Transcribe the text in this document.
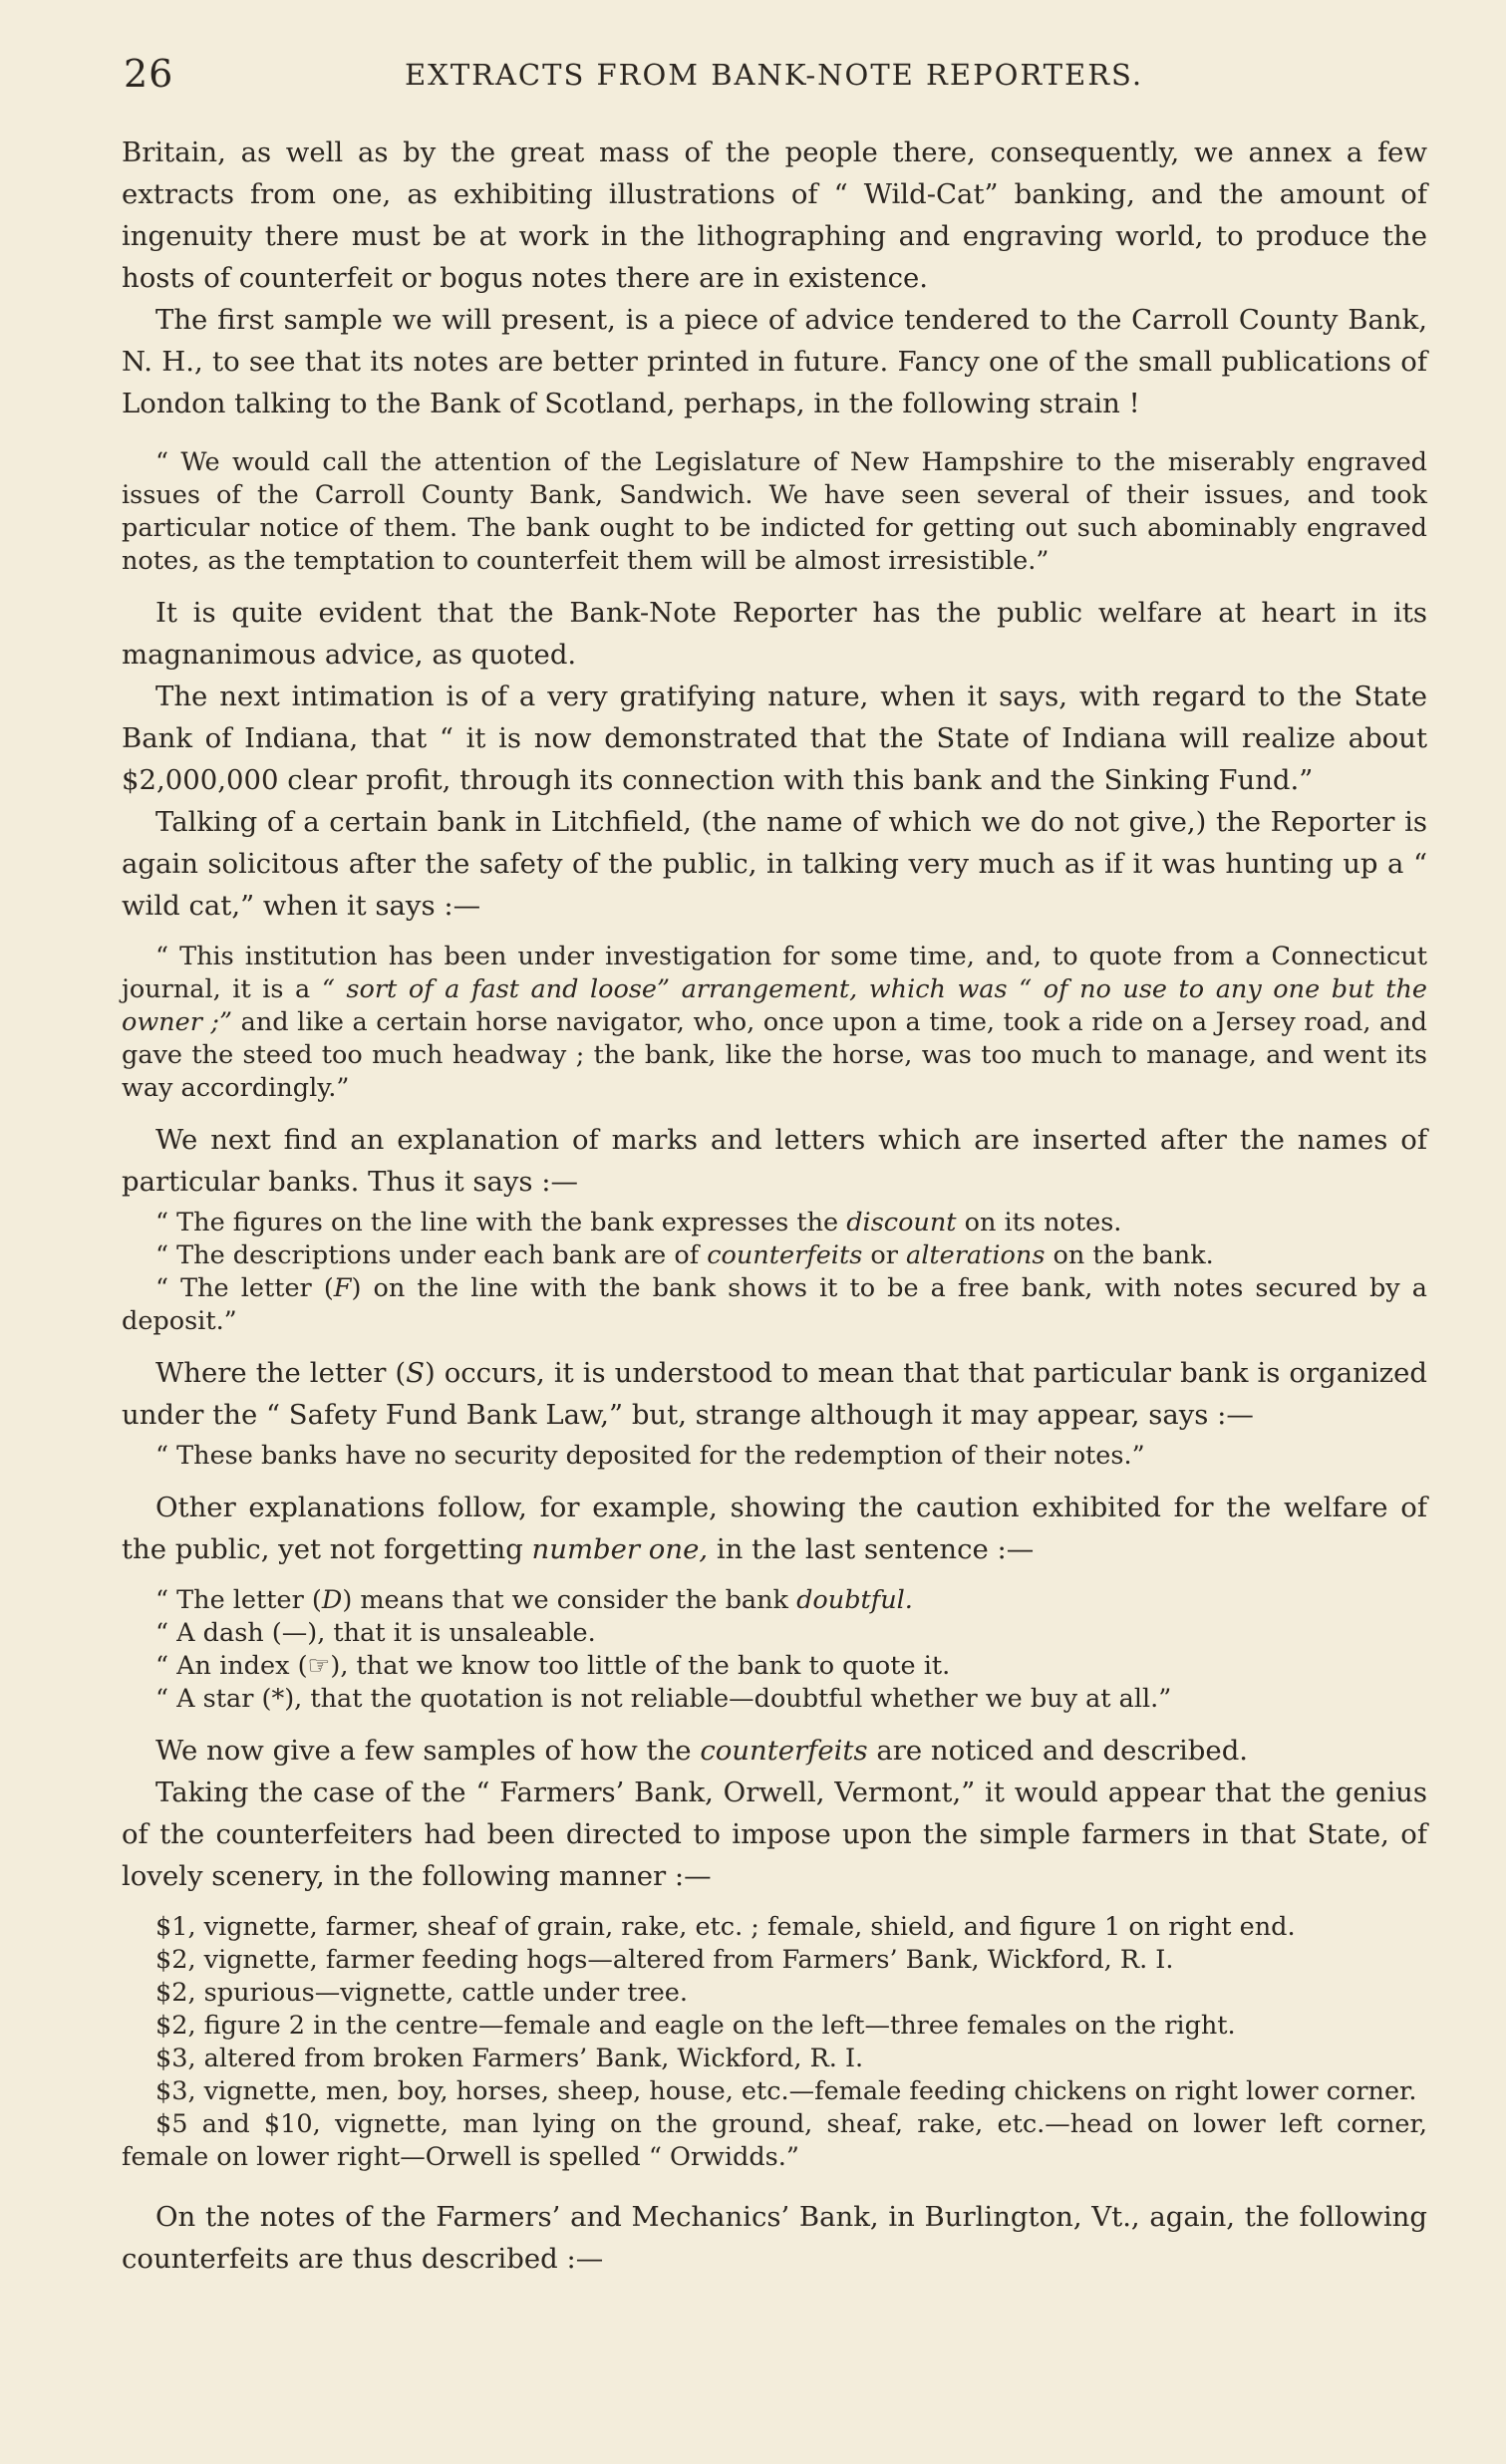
26	EXTRACTS FROM BANK-NOTE REPORTERS.

Britain, as well as by the great mass of the people there, consequently, we annex a few extracts from one, as exhibiting illustrations of “ Wild-Cat” banking, and the amount of ingenuity there must be at work in the lithographing and engraving world, to produce the hosts of counterfeit or bogus notes there are in existence.

The first sample we will present, is a piece of advice tendered to the Carroll County Bank, N. H., to see that its notes are better printed in future. Fancy one of the small publications of London talking to the Bank of Scotland, perhaps, in the following strain !

“ We would call the attention of the Legislature of New Hampshire to the miserably engraved issues of the Carroll County Bank, Sandwich. We have seen several of their issues, and took particular notice of them. The bank ought to be indicted for getting out such abominably engraved notes, as the temptation to counterfeit them will be almost irresistible.”

It is quite evident that the Bank-Note Reporter has the public welfare at heart in its magnanimous advice, as quoted.

The next intimation is of a very gratifying nature, when it says, with regard to the State Bank of Indiana, that “ it is now demonstrated that the State of Indiana will realize about $2,000,000 clear profit, through its connection with this bank and the Sinking Fund.”

Talking of a certain bank in Litchfield, (the name of which we do not give,) the Reporter is again solicitous after the safety of the public, in talking very much as if it was hunting up a “ wild cat,” when it says :—

“ This institution has been under investigation for some time, and, to quote from a Connecticut journal, it is a “ sort of a fast and loose” arrangement, which was “ of no use to any one but the owner ;” and like a certain horse navigator, who, once upon a time, took a ride on a Jersey road, and gave the steed too much headway ; the bank, like the horse, was too much to manage, and went its way accordingly.”

We next find an explanation of marks and letters which are inserted after the names of particular banks. Thus it says :—

“ The figures on the line with the bank expresses the discount on its notes.

“ The descriptions under each bank are of counterfeits or alterations on the bank.

“ The letter (F) on the line with the bank shows it to be a free bank, with notes secured by a deposit.”

Where the letter (S) occurs, it is understood to mean that that particular bank is organized under the “ Safety Fund Bank Law,” but, strange although it may appear, says :—

“ These banks have no security deposited for the redemption of their notes.”

Other explanations follow, for example, showing the caution exhibited for the welfare of the public, yet not forgetting number one, in the last sentence :—

“ The letter (D) means that we consider the bank doubtful.

“ A dash (—), that it is unsaleable.

“ An index (☞), that we know too little of the bank to quote it.

“ A star (*), that the quotation is not reliable—doubtful whether we buy at all.”

We now give a few samples of how the counterfeits are noticed and described.

Taking the case of the “ Farmers’ Bank, Orwell, Vermont,” it would appear that the genius of the counterfeiters had been directed to impose upon the simple farmers in that State, of lovely scenery, in the following manner :—

$1, vignette, farmer, sheaf of grain, rake, etc. ; female, shield, and figure 1 on right end.

$2, vignette, farmer feeding hogs—altered from Farmers’ Bank, Wickford, R. I.

$2, spurious—vignette, cattle under tree.

$2, figure 2 in the centre—female and eagle on the left—three females on the right.

$3, altered from broken Farmers’ Bank, Wickford, R. I.

$3, vignette, men, boy, horses, sheep, house, etc.—female feeding chickens on right lower corner.

$5 and $10, vignette, man lying on the ground, sheaf, rake, etc.—head on lower left corner, female on lower right—Orwell is spelled “ Orwidds.”

On the notes of the Farmers’ and Mechanics’ Bank, in Burlington, Vt., again, the following counterfeits are thus described :—
